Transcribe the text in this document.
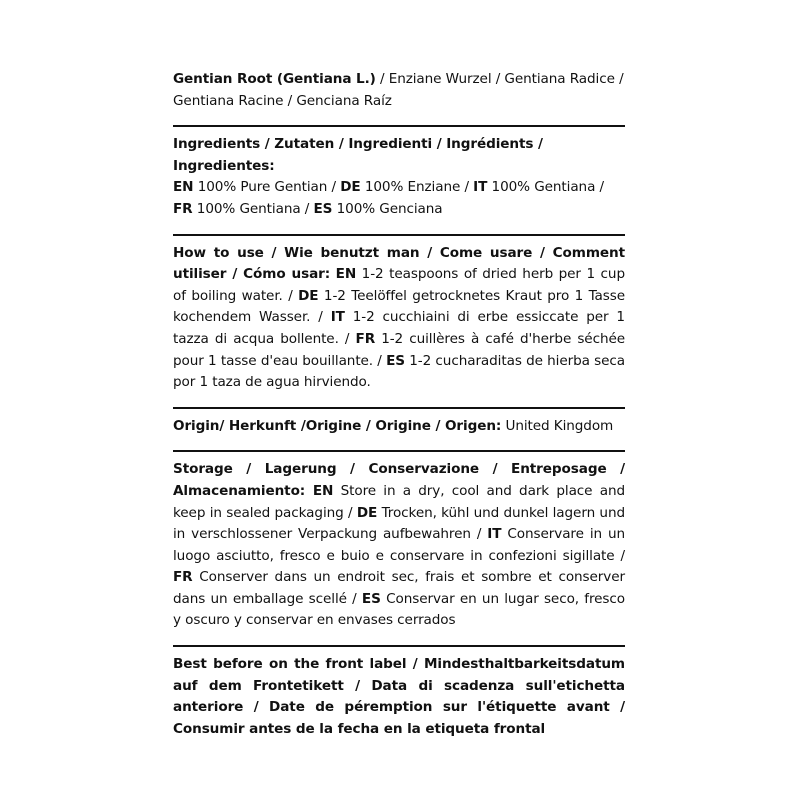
Gentian Root (Gentiana L.) / Enziane Wurzel / Gentiana Radice / Gentiana Racine / Genciana Raíz
Ingredients / Zutaten / Ingredienti / Ingrédients / Ingredientes:
EN 100% Pure Gentian / DE 100% Enziane / IT 100% Gentiana /
FR 100% Gentiana / ES 100% Genciana
How to use / Wie benutzt man / Come usare / Comment utiliser / Cómo usar: EN 1-2 teaspoons of dried herb per 1 cup of boiling water. / DE 1-2 Teelöffel getrocknetes Kraut pro 1 Tasse kochendem Wasser. / IT 1-2 cucchiaini di erbe essiccate per 1 tazza di acqua bollente. / FR 1-2 cuillères à café d'herbe séchée pour 1 tasse d'eau bouillante. / ES 1-2 cucharaditas de hierba seca por 1 taza de agua hirviendo.
Origin/ Herkunft /Origine / Origine / Origen: United Kingdom
Storage / Lagerung / Conservazione / Entreposage / Almacenamiento: EN Store in a dry, cool and dark place and keep in sealed packaging / DE Trocken, kühl und dunkel lagern und in verschlossener Verpackung aufbewahren / IT Conservare in un luogo asciutto, fresco e buio e conservare in confezioni sigillate / FR Conserver dans un endroit sec, frais et sombre et conserver dans un emballage scellé / ES Conservar en un lugar seco, fresco y oscuro y conservar en envases cerrados
Best before on the front label / Mindesthaltbarkeitsdatum auf dem Frontetikett / Data di scadenza sull'etichetta anteriore / Date de péremption sur l'étiquette avant / Consumir antes de la fecha en la etiqueta frontal
